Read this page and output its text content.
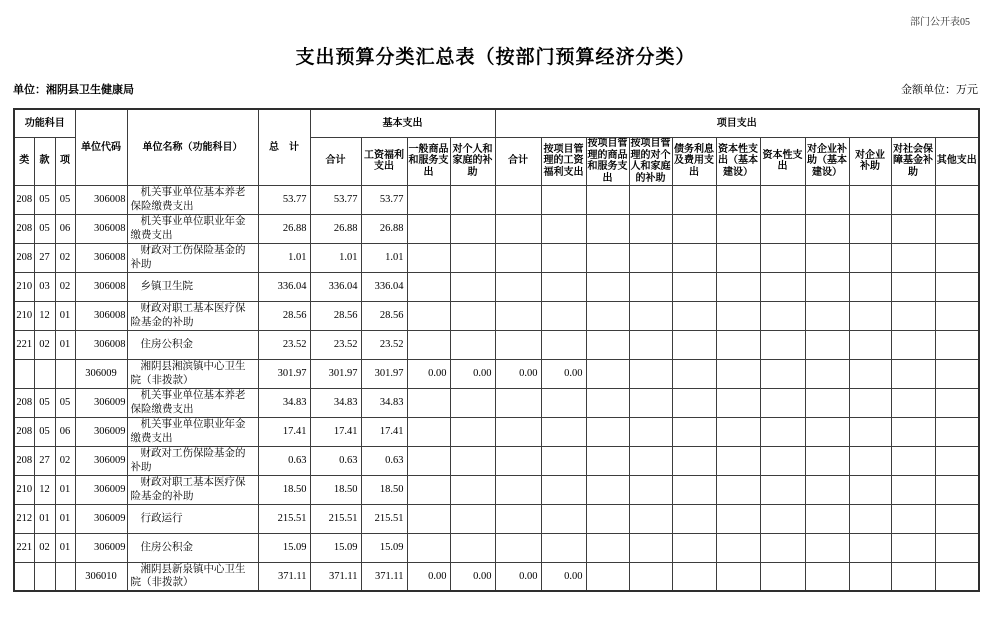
部门公开表05
支出预算分类汇总表（按部门预算经济分类）
单位：湘阴县卫生健康局	金额单位：万元
功能科目			单位代码	单位名称（功能科目）	总　计	基本支出				项目支出										
类	款	项				合计	工资福利支出	一般商品和服务支出	对个人和家庭的补助	合计	按项目管理的工资福利支出	按项目管理的商品和服务支出	按项目管理的对个人和家庭的补助	债务利息及费用支出	资本性支出（基本建设）	资本性支出	对企业补助（基本建设）	对企业补助	对社会保障基金补助	其他支出
208	05	05	306008	机关事业单位基本养老保险缴费支出	53.77	53.77	53.77													
208	05	06	306008	机关事业单位职业年金缴费支出	26.88	26.88	26.88													
208	27	02	306008	财政对工伤保险基金的补助	1.01	1.01	1.01													
210	03	02	306008	乡镇卫生院	336.04	336.04	336.04													
210	12	01	306008	财政对职工基本医疗保险基金的补助	28.56	28.56	28.56													
221	02	01	306008	住房公积金	23.52	23.52	23.52													
			306009	湘阴县湘滨镇中心卫生院（非拨款）	301.97	301.97	301.97	0.00	0.00	0.00	0.00									
208	05	05	306009	机关事业单位基本养老保险缴费支出	34.83	34.83	34.83													
208	05	06	306009	机关事业单位职业年金缴费支出	17.41	17.41	17.41													
208	27	02	306009	财政对工伤保险基金的补助	0.63	0.63	0.63													
210	12	01	306009	财政对职工基本医疗保险基金的补助	18.50	18.50	18.50													
212	01	01	306009	行政运行	215.51	215.51	215.51													
221	02	01	306009	住房公积金	15.09	15.09	15.09													
			306010	湘阴县新泉镇中心卫生院（非拨款）	371.11	371.11	371.11	0.00	0.00	0.00	0.00									
